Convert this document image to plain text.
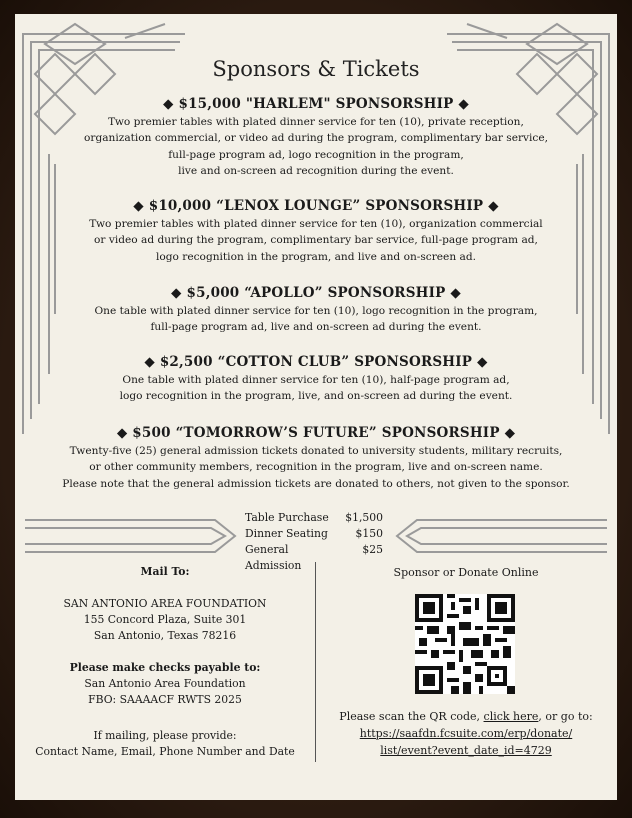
Sponsors & Tickets
◆ $15,000 "HARLEM" SPONSORSHIP ◆

Two premier tables with plated dinner service for ten (10), private reception,
organization commercial, or video ad during the program, complimentary bar service,
full-page program ad, logo recognition in the program,
live and on-screen ad recognition during the event.

◆ $10,000 “LENOX LOUNGE” SPONSORSHIP ◆

Two premier tables with plated dinner service for ten (10), organization commercial
or video ad during the program, complimentary bar service, full-page program ad,
logo recognition in the program, and live and on-screen ad.

◆ $5,000 “APOLLO” SPONSORSHIP ◆

One table with plated dinner service for ten (10), logo recognition in the program,
full-page program ad, live and on-screen ad during the event.

◆ $2,500 “COTTON CLUB” SPONSORSHIP ◆

One table with plated dinner service for ten (10), half-page program ad,
logo recognition in the program, live, and on-screen ad during the event.

◆ $500 “TOMORROW’S FUTURE” SPONSORSHIP ◆

Twenty-five (25) general admission tickets donated to university students, military recruits,
or other community members, recognition in the program, live and on-screen name.
Please note that the general admission tickets are donated to others, not given to the sponsor.

Table Purchase	$1,500
Dinner Seating	$150
General Admission
$25
Mail To:
SAN ANTONIO AREA FOUNDATION
155 Concord Plaza, Suite 301
San Antonio, Texas 78216
Please make checks payable to:
San Antonio Area Foundation
FBO: SAAAACF RWTS 2025
If mailing, please provide:
Contact Name, Email, Phone Number and Date
Sponsor or Donate Online
Please scan the QR code, click here, or go to:
https://saafdn.fcsuite.com/erp/donate/
list/event?event_date_id=4729
